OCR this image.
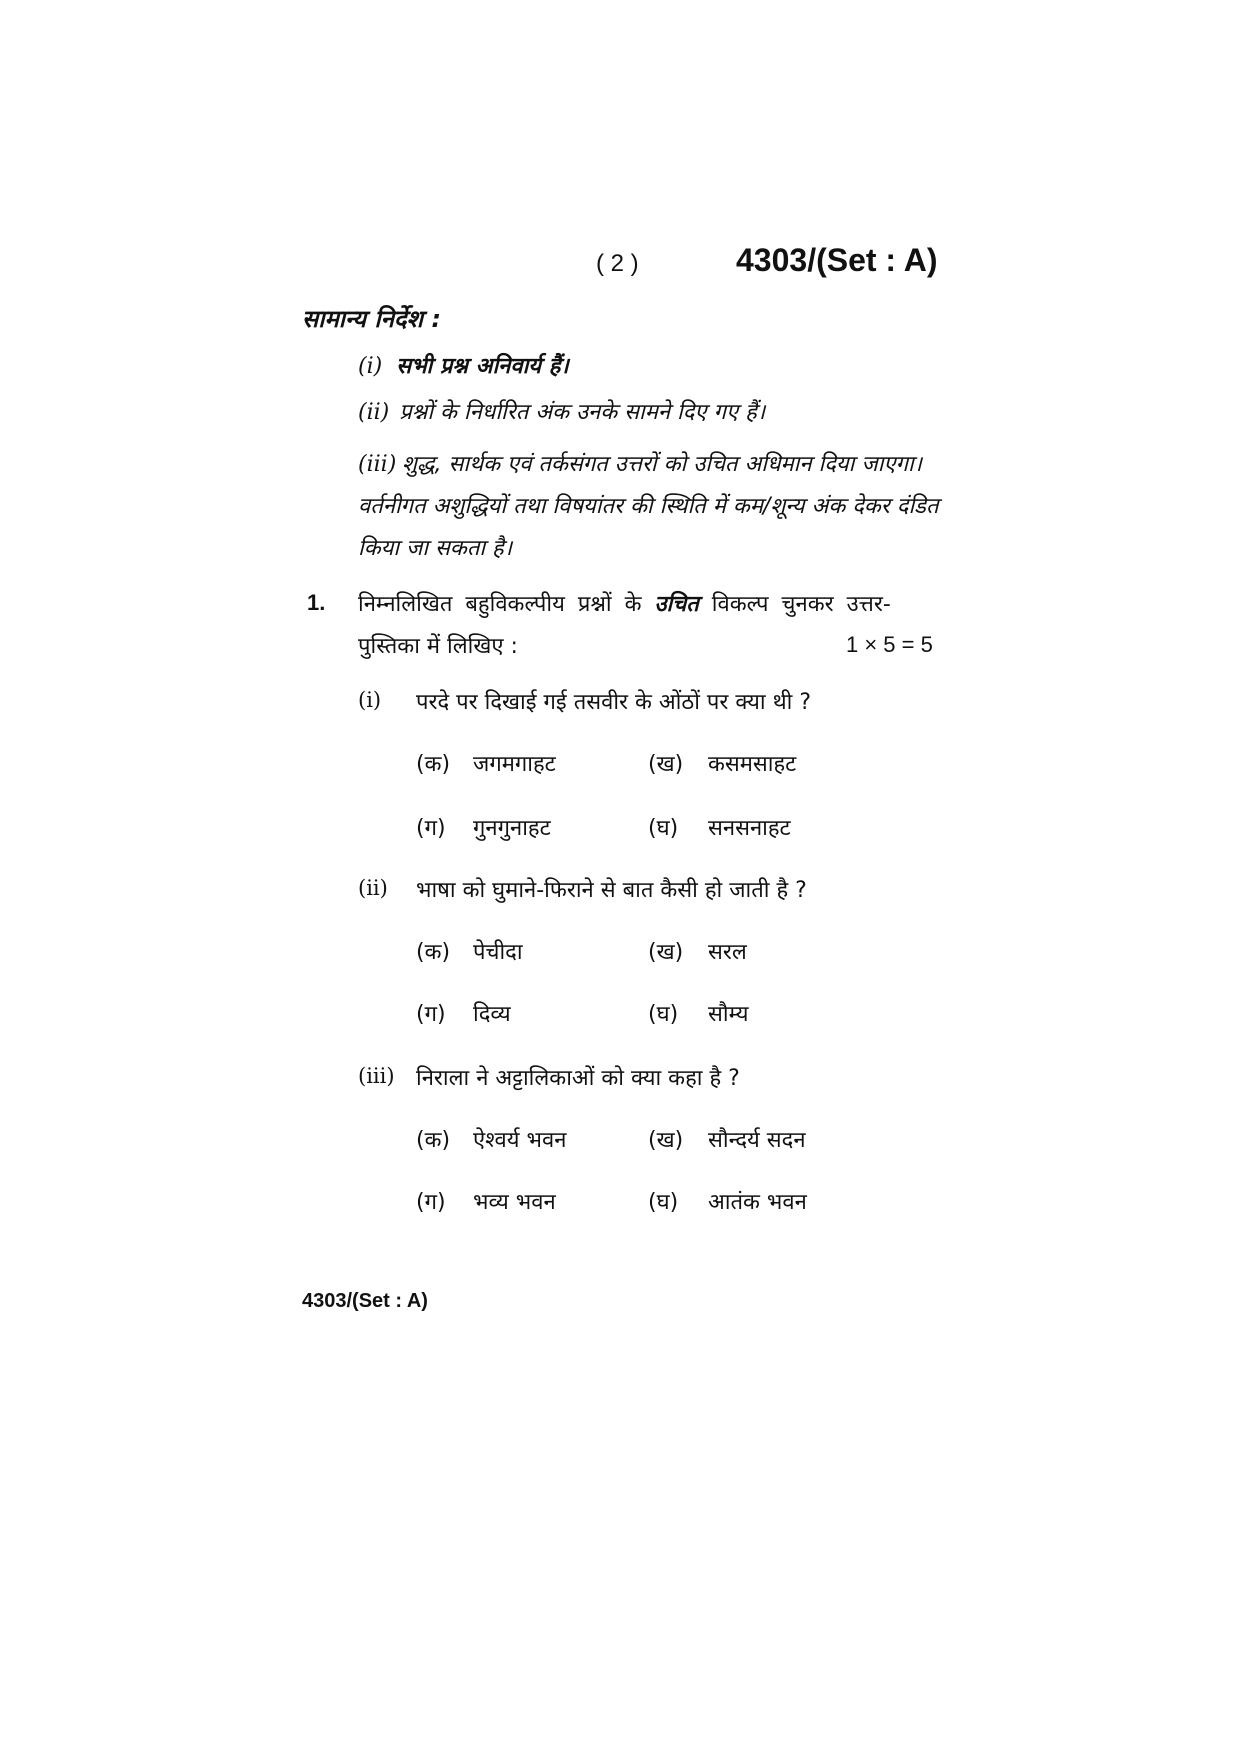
( 2 )	4303/(Set : A)
सामान्य निर्देश :
(i) सभी प्रश्न अनिवार्य हैं।
(ii) प्रश्नों के निर्धारित अंक उनके सामने दिए गए हैं।
(iii) शुद्ध, सार्थक एवं तर्कसंगत उत्तरों को उचित अधिमान दिया जाएगा। वर्तनीगत अशुद्धियों तथा विषयांतर की स्थिति में कम/शून्य अंक देकर दंडित किया जा सकता है।
1. निम्नलिखित बहुविकल्पीय प्रश्नों के उचित विकल्प चुनकर उत्तर-
पुस्तिका में लिखिए :	1 × 5 = 5
(i) परदे पर दिखाई गई तसवीर के ओंठों पर क्या थी ?
(क) जगमगाहट	(ख) कसमसाहट
(ग) गुनगुनाहट	(घ) सनसनाहट
(ii) भाषा को घुमाने-फिराने से बात कैसी हो जाती है ?
(क) पेचीदा	(ख) सरल
(ग) दिव्य	(घ) सौम्य
(iii) निराला ने अट्टालिकाओं को क्या कहा है ?
(क) ऐश्वर्य भवन	(ख) सौन्दर्य सदन
(ग) भव्य भवन	(घ) आतंक भवन
4303/(Set : A)
